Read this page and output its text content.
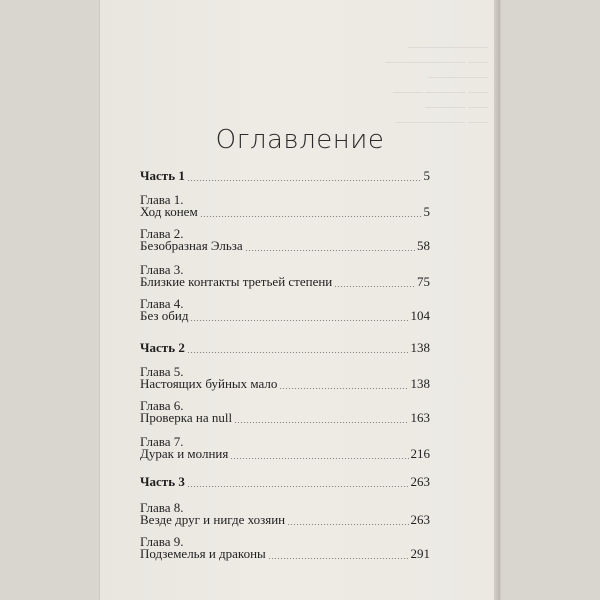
————————
———————— ——
——————
——— ———— ——
———— ——
——————— ——
Оглавление
Часть 1	5
Глава 1.
Ход конем	5
Глава 2.
Безобразная Эльза	58
Глава 3.
Близкие контакты третьей степени	75
Глава 4.
Без обид	104
Часть 2	138
Глава 5.
Настоящих буйных мало	138
Глава 6.
Проверка на null	163
Глава 7.
Дурак и молния	216
Часть 3	263
Глава 8.
Везде друг и нигде хозяин	263
Глава 9.
Подземелья и драконы	291
